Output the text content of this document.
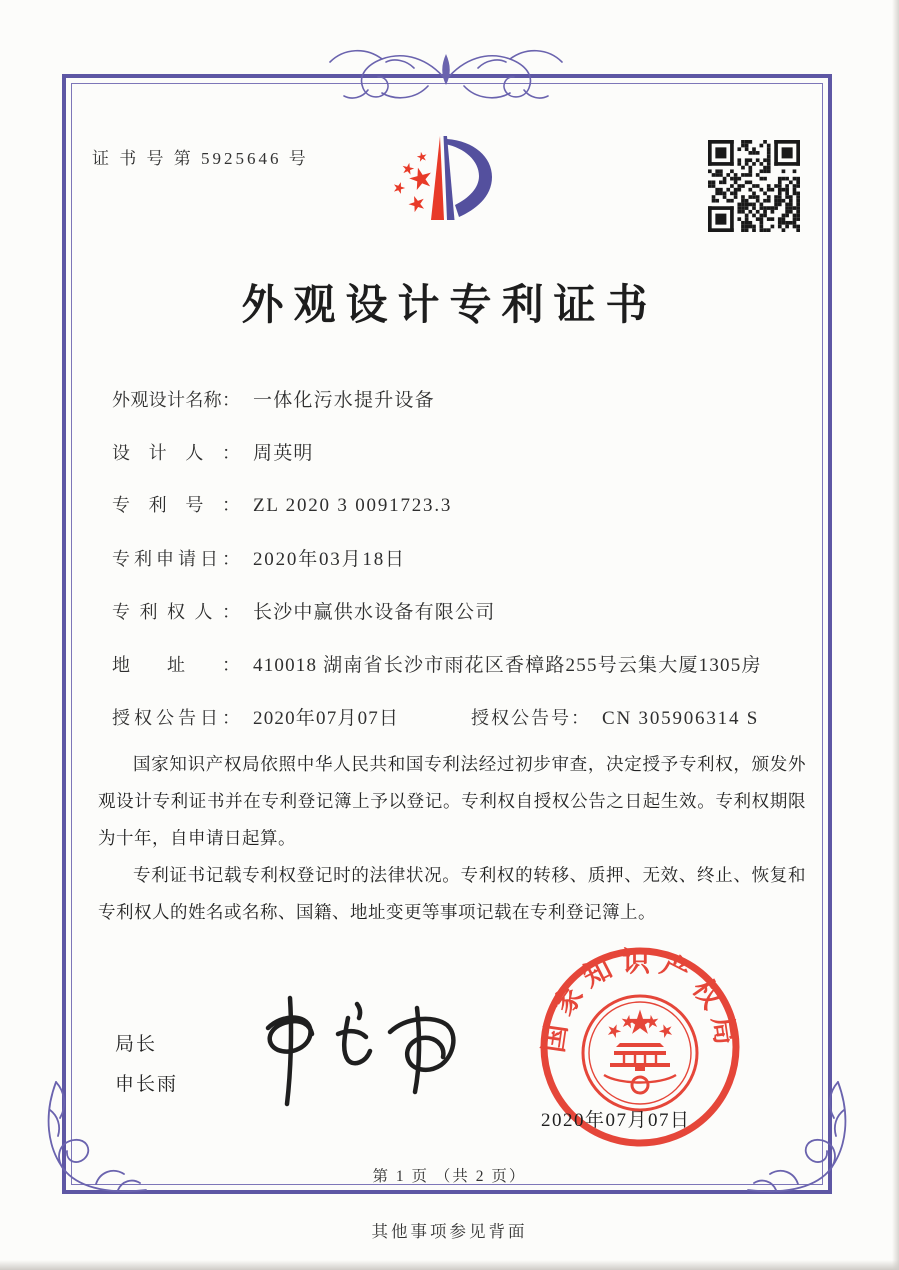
证 书 号 第 5925646 号
外观设计专利证书
外观设计名称： 一体化污水提升设备
设计人： 周英明
专利号： ZL 2020 3 0091723.3
专利申请日： 2020年03月18日
专利权人： 长沙中赢供水设备有限公司
地址： 410018 湖南省长沙市雨花区香樟路255号云集大厦1305房
授权公告日： 2020年07月07日	授权公告号： CN 305906314 S

国家知识产权局依照中华人民共和国专利法经过初步审查，决定授予专利权，颁发外观设计专利证书并在专利登记簿上予以登记。专利权自授权公告之日起生效。专利权期限为十年，自申请日起算。

专利证书记载专利权登记时的法律状况。专利权的转移、质押、无效、终止、恢复和专利权人的姓名或名称、国籍、地址变更等事项记载在专利登记簿上。

局长
申长雨
国家知识产权局
2020年07月07日
第 1 页 （共 2 页）
其他事项参见背面
